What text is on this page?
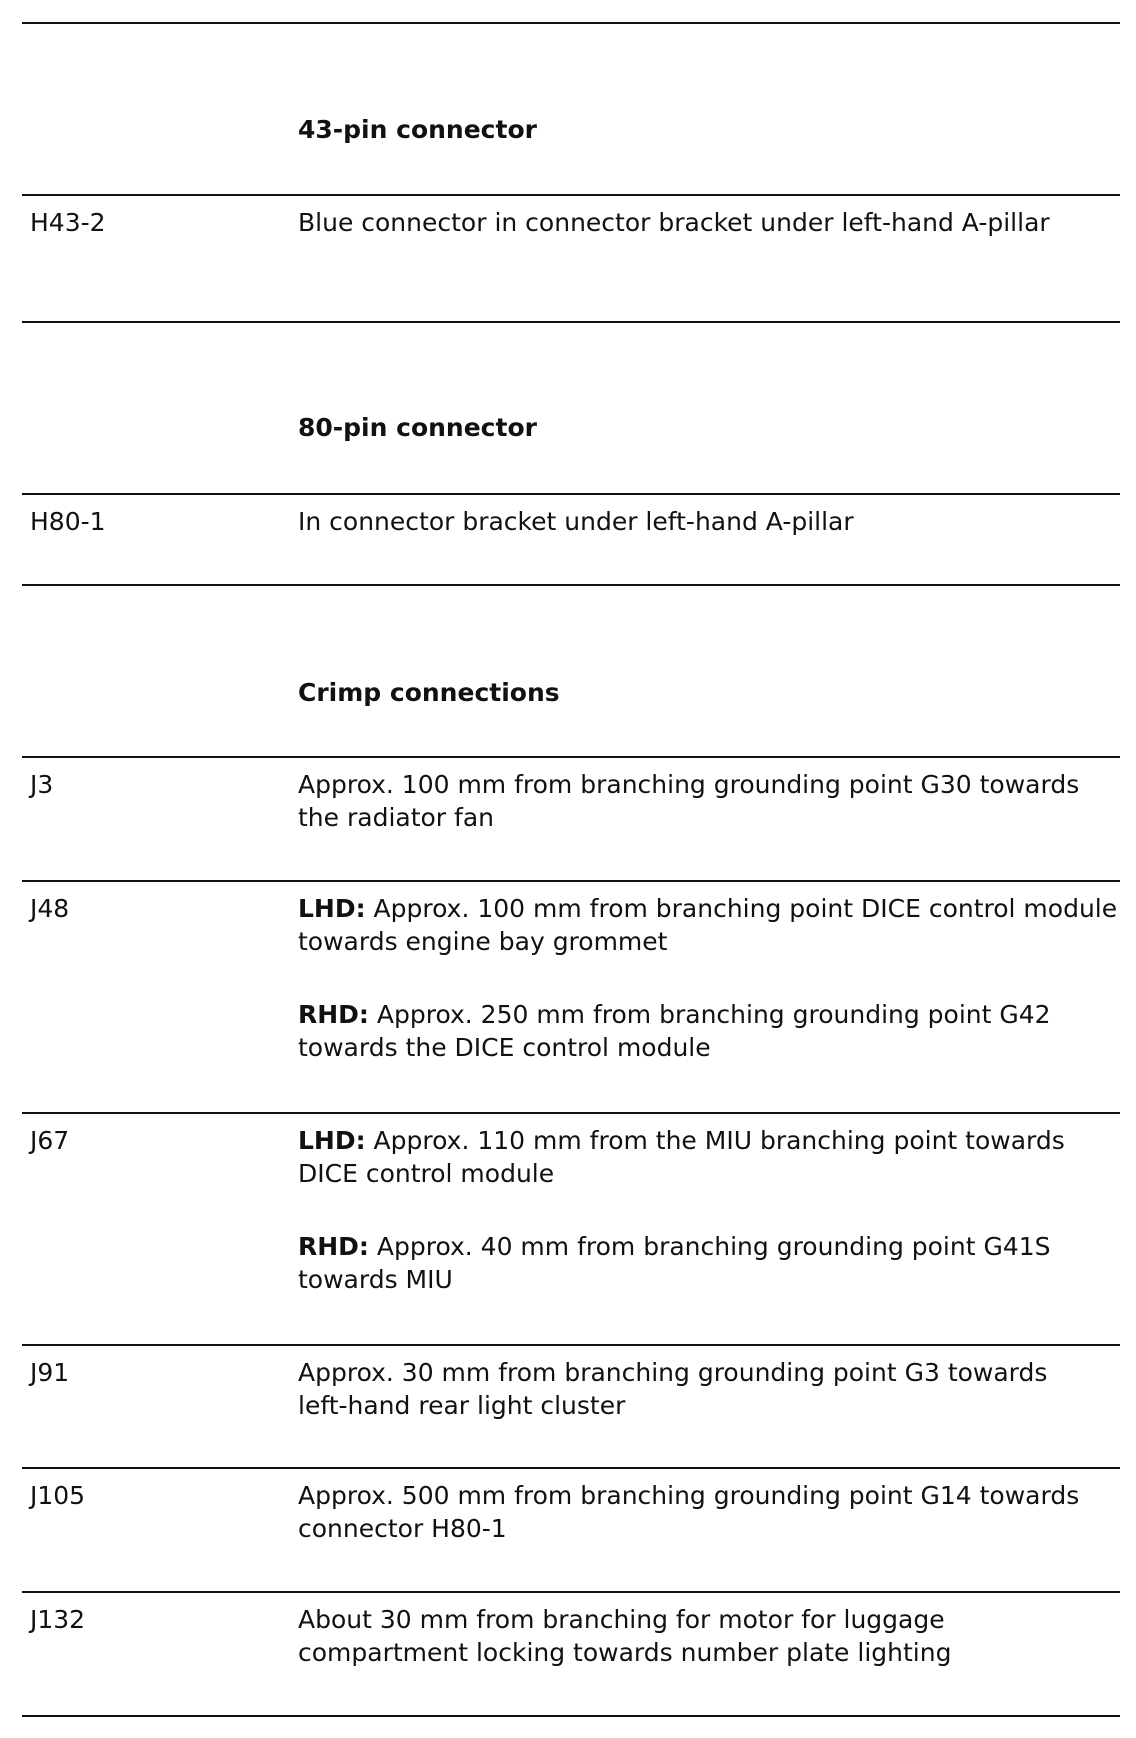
43-pin connector
H43-2	Blue connector in connector bracket under left-hand A-pillar
80-pin connector
H80-1	In connector bracket under left-hand A-pillar
Crimp connections
J3	Approx. 100 mm from branching grounding point G30 towards the radiator fan
J48	LHD: Approx. 100 mm from branching point DICE control module towards engine bay grommet
RHD: Approx. 250 mm from branching grounding point G42 towards the DICE control module
J67	LHD: Approx. 110 mm from the MIU branching point towards DICE control module
RHD: Approx. 40 mm from branching grounding point G41S towards MIU
J91	Approx. 30 mm from branching grounding point G3 towards left-hand rear light cluster
J105	Approx. 500 mm from branching grounding point G14 towards connector H80-1
J132	About 30 mm from branching for motor for luggage compartment locking towards number plate lighting
